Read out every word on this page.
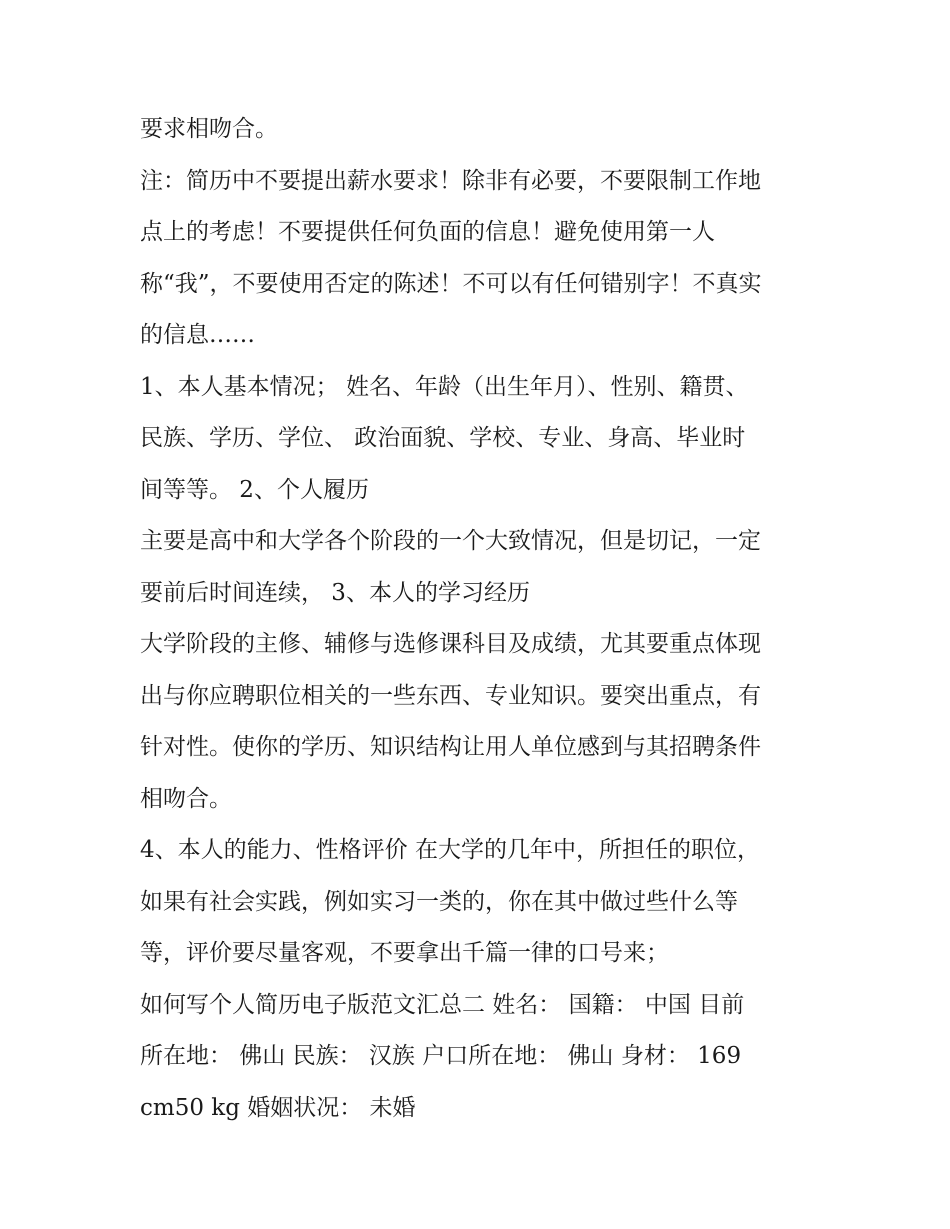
要求相吻合。
注：简历中不要提出薪水要求！除非有必要，不要限制工作地
点上的考虑！不要提供任何负面的信息！避免使用第一人
称“我”，不要使用否定的陈述！不可以有任何错别字！不真实
的信息……
1、本人基本情况； 姓名、年龄（出生年月）、性别、籍贯、
民族、学历、学位、 政治面貌、学校、专业、身高、毕业时
间等等。 2、个人履历
主要是高中和大学各个阶段的一个大致情况，但是切记，一定
要前后时间连续， 3、本人的学习经历
大学阶段的主修、辅修与选修课科目及成绩，尤其要重点体现
出与你应聘职位相关的一些东西、专业知识。要突出重点，有
针对性。使你的学历、知识结构让用人单位感到与其招聘条件
相吻合。
4、本人的能力、性格评价 在大学的几年中，所担任的职位，
如果有社会实践，例如实习一类的，你在其中做过些什么等
等，评价要尽量客观，不要拿出千篇一律的口号来；
如何写个人简历电子版范文汇总二 姓名： 国籍： 中国 目前
所在地： 佛山 民族： 汉族 户口所在地： 佛山 身材： 169
cm50 kg 婚姻状况： 未婚
